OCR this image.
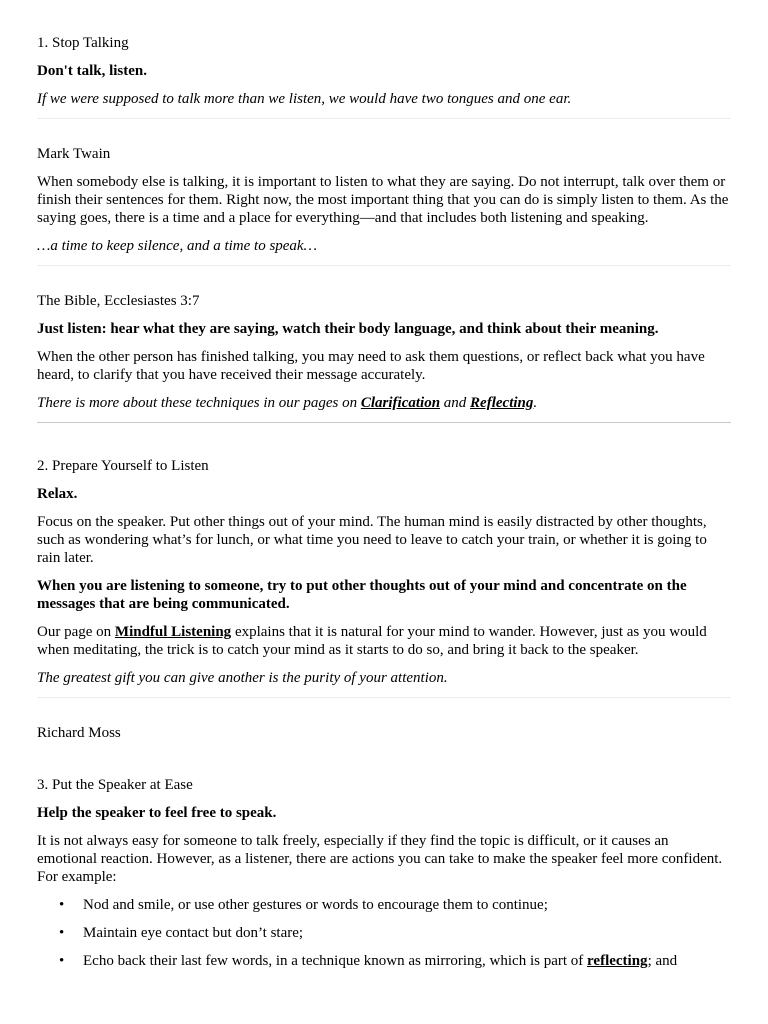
1. Stop Talking

Don't talk, listen.

If we were supposed to talk more than we listen, we would have two tongues and one ear.

Mark Twain

When somebody else is talking, it is important to listen to what they are saying. Do not interrupt, talk over them or finish their sentences for them. Right now, the most important thing that you can do is simply listen to them. As the saying goes, there is a time and a place for everything—and that includes both listening and speaking.

…a time to keep silence, and a time to speak…

The Bible, Ecclesiastes 3:7

Just listen: hear what they are saying, watch their body language, and think about their meaning.

When the other person has finished talking, you may need to ask them questions, or reflect back what you have heard, to clarify that you have received their message accurately.

There is more about these techniques in our pages on Clarification and Reflecting.

2. Prepare Yourself to Listen

Relax.

Focus on the speaker. Put other things out of your mind. The human mind is easily distracted by other thoughts, such as wondering what’s for lunch, or what time you need to leave to catch your train, or whether it is going to rain later.

When you are listening to someone, try to put other thoughts out of your mind and concentrate on the messages that are being communicated.

Our page on Mindful Listening explains that it is natural for your mind to wander. However, just as you would when meditating, the trick is to catch your mind as it starts to do so, and bring it back to the speaker.

The greatest gift you can give another is the purity of your attention.

Richard Moss

3. Put the Speaker at Ease

Help the speaker to feel free to speak.

It is not always easy for someone to talk freely, especially if they find the topic is difficult, or it causes an emotional reaction. However, as a listener, there are actions you can take to make the speaker feel more confident. For example:

• Nod and smile, or use other gestures or words to encourage them to continue;
• Maintain eye contact but don’t stare;
• Echo back their last few words, in a technique known as mirroring, which is part of reflecting; and
